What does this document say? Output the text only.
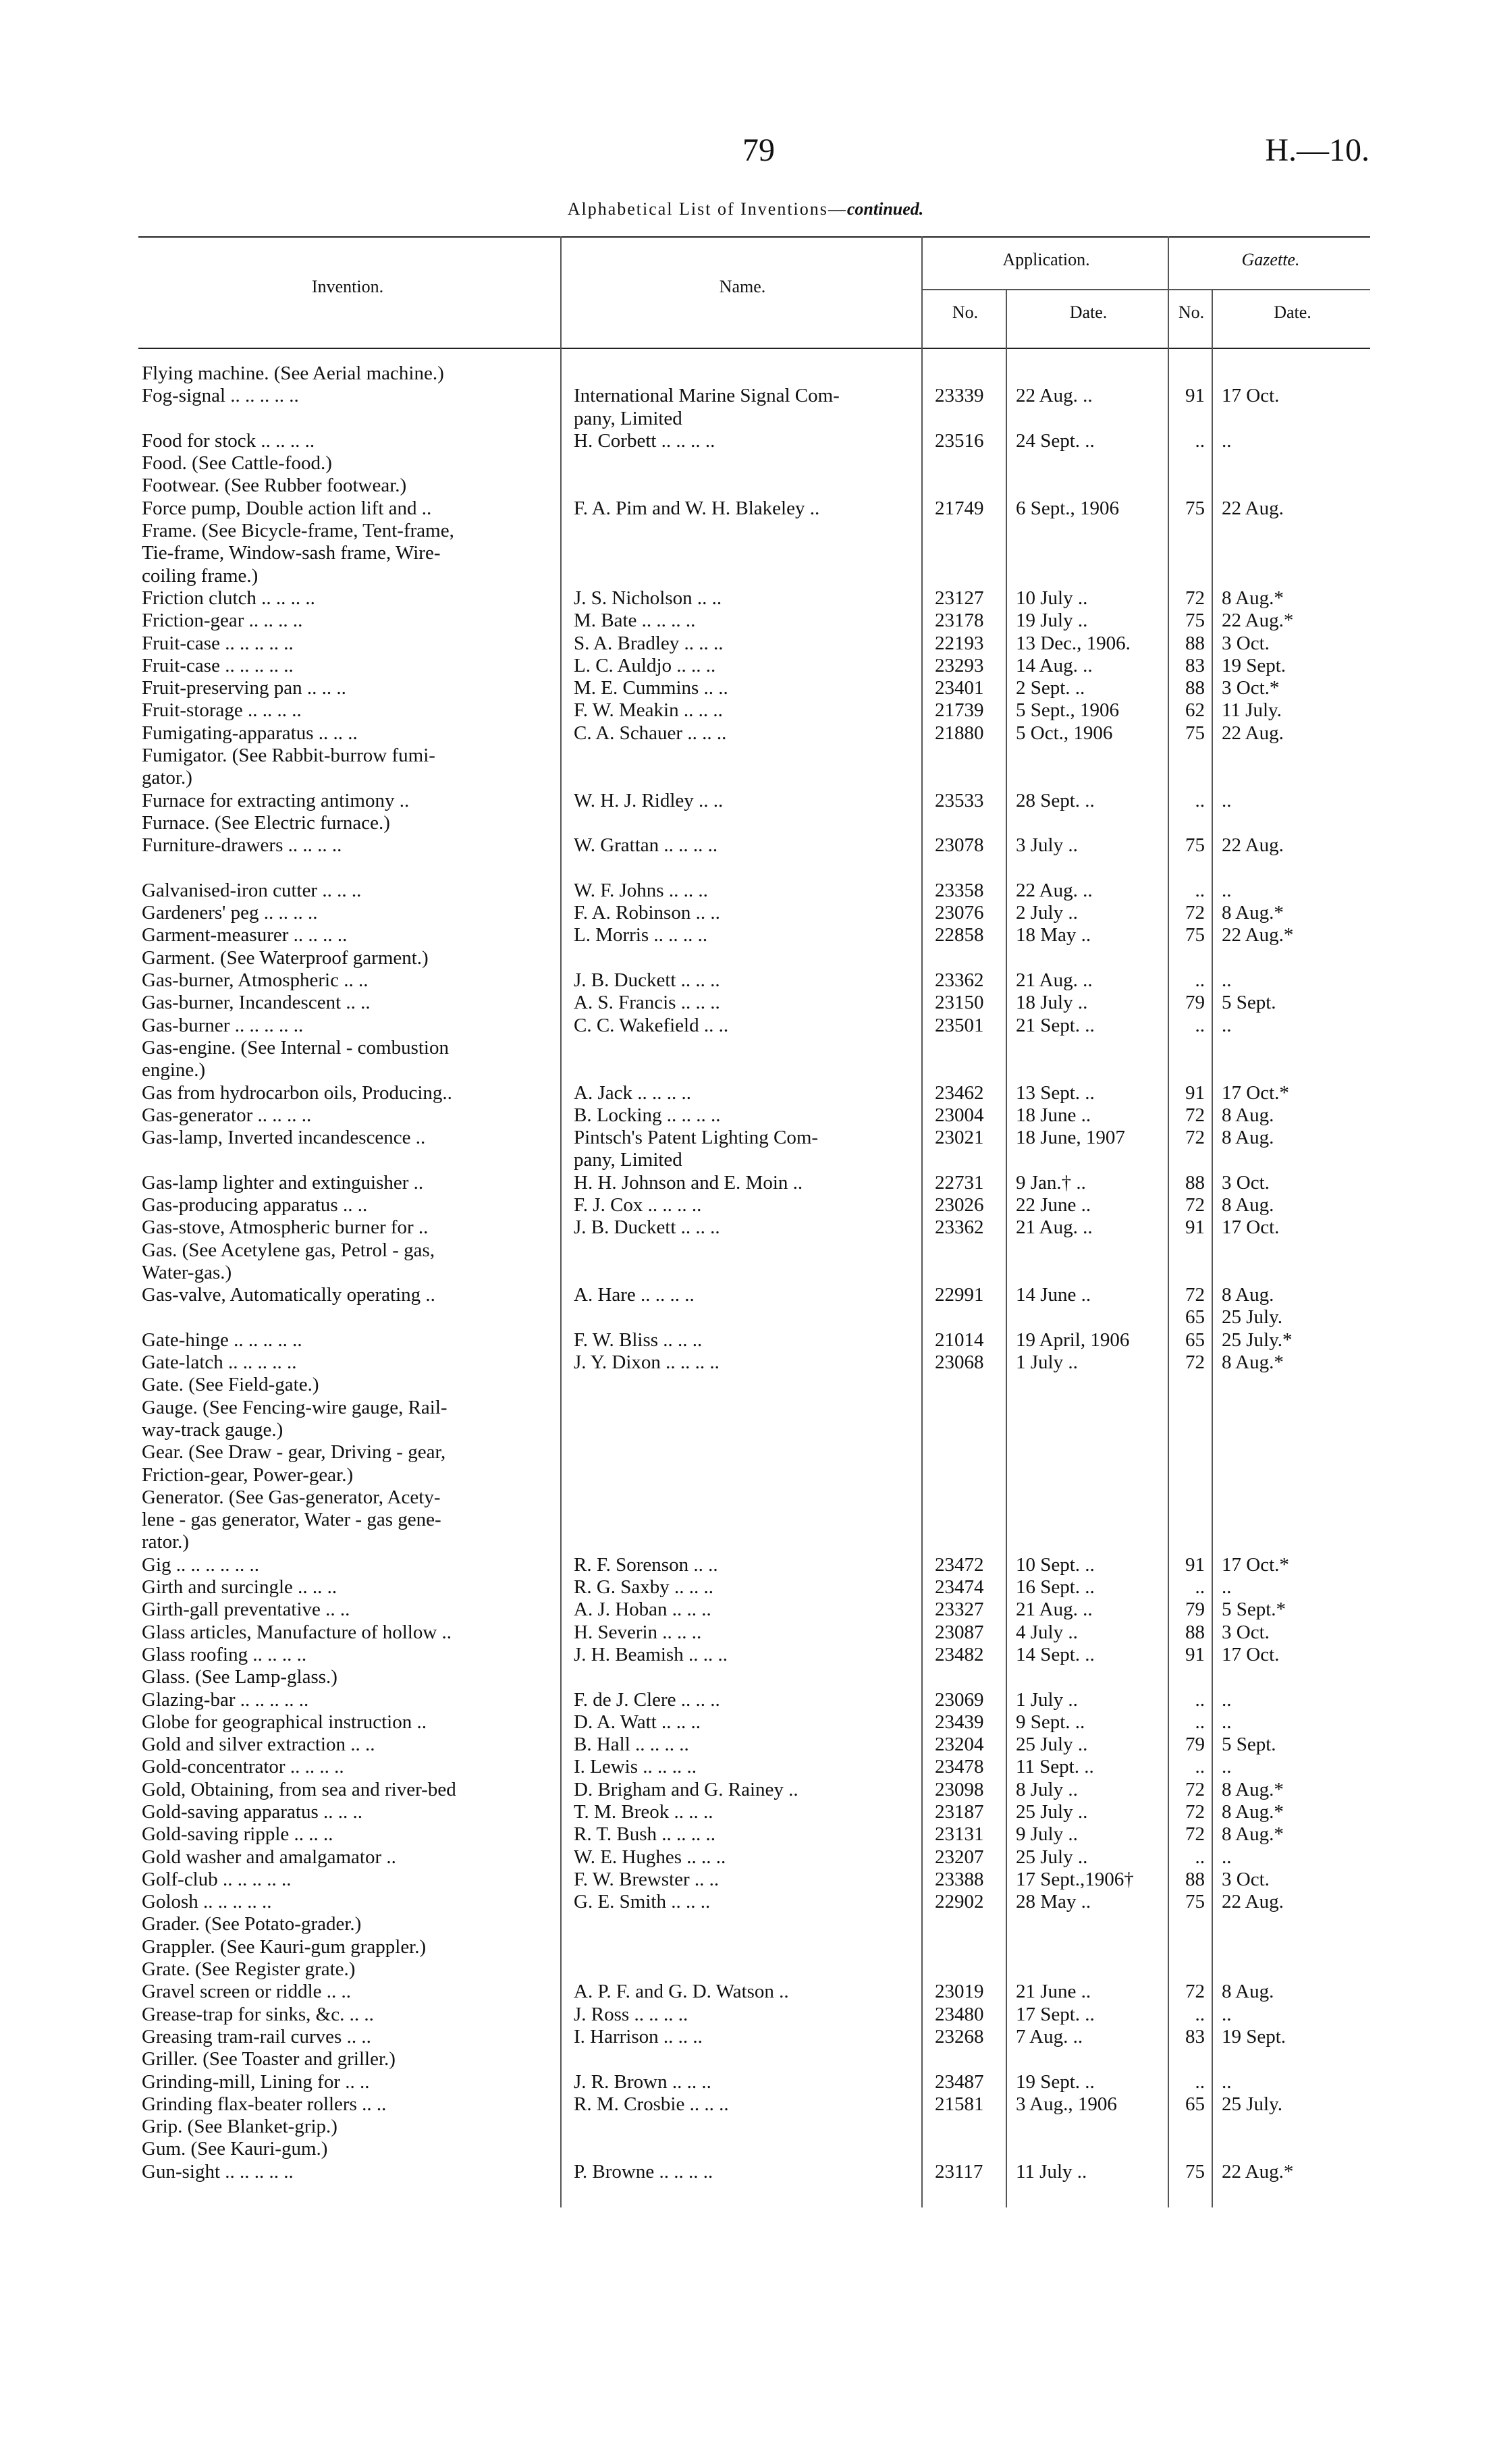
79	H.—10.
Alphabetical List of Inventions—continued.
Invention.	Name.
Application.	Gazette.
No.	Date.	No.	Date.
Flying machine. (See Aerial machine.)
Fog-signal .. .. .. .. ..	International Marine Signal Com-	23339 22 Aug. ..	91 17 Oct.
pany, Limited
Food for stock .. .. .. ..	H. Corbett .. .. .. ..	23516 24 Sept. ..	.. ..
Food. (See Cattle-food.)
Footwear. (See Rubber footwear.)
Force pump, Double action lift and ..	F. A. Pim and W. H. Blakeley ..	21749 6 Sept., 1906	75 22 Aug.
Frame. (See Bicycle-frame, Tent-frame,
Tie-frame, Window-sash frame, Wire-
coiling frame.)
Friction clutch .. .. .. ..	J. S. Nicholson .. ..	23127 10 July ..	72 8 Aug.*
Friction-gear .. .. .. ..	M. Bate .. .. .. ..	23178 19 July ..	75 22 Aug.*
Fruit-case .. .. .. .. ..	S. A. Bradley .. .. ..	22193 13 Dec., 1906.	88 3 Oct.
Fruit-case .. .. .. .. ..	L. C. Auldjo .. .. ..	23293 14 Aug. ..	83 19 Sept.
Fruit-preserving pan .. .. ..	M. E. Cummins .. ..	23401 2 Sept. ..	88 3 Oct.*
Fruit-storage .. .. .. ..	F. W. Meakin .. .. ..	21739 5 Sept., 1906	62 11 July.
Fumigating-apparatus .. .. ..	C. A. Schauer .. .. ..	21880 5 Oct., 1906	75 22 Aug.
Fumigator. (See Rabbit-burrow fumi-
gator.)
Furnace for extracting antimony ..	W. H. J. Ridley .. ..	23533 28 Sept. ..	.. ..
Furnace. (See Electric furnace.)
Furniture-drawers .. .. .. ..	W. Grattan .. .. .. ..	23078 3 July ..	75 22 Aug.
Galvanised-iron cutter .. .. ..	W. F. Johns .. .. ..	23358 22 Aug. ..	.. ..
Gardeners' peg .. .. .. ..	F. A. Robinson .. ..	23076 2 July ..	72 8 Aug.*
Garment-measurer .. .. .. ..	L. Morris .. .. .. ..	22858 18 May ..	75 22 Aug.*
Garment. (See Waterproof garment.)
Gas-burner, Atmospheric .. ..	J. B. Duckett .. .. ..	23362 21 Aug. ..	.. ..
Gas-burner, Incandescent .. ..	A. S. Francis .. .. ..	23150 18 July ..	79 5 Sept.
Gas-burner .. .. .. .. ..	C. C. Wakefield .. ..	23501 21 Sept. ..	.. ..
Gas-engine. (See Internal - combustion
engine.)
Gas from hydrocarbon oils, Producing..	A. Jack .. .. .. ..	23462 13 Sept. ..	91 17 Oct.*
Gas-generator .. .. .. ..	B. Locking .. .. .. ..	23004 18 June ..	72 8 Aug.
Gas-lamp, Inverted incandescence ..	Pintsch's Patent Lighting Com-	23021 18 June, 1907	72 8 Aug.
pany, Limited
Gas-lamp lighter and extinguisher ..	H. H. Johnson and E. Moin ..	22731 9 Jan.† ..	88 3 Oct.
Gas-producing apparatus .. ..	F. J. Cox .. .. .. ..	23026 22 June ..	72 8 Aug.
Gas-stove, Atmospheric burner for ..	J. B. Duckett .. .. ..	23362 21 Aug. ..	91 17 Oct.
Gas. (See Acetylene gas, Petrol - gas,
Water-gas.)
Gas-valve, Automatically operating ..	A. Hare .. .. .. ..	22991 14 June ..	72 8 Aug.
65 25 July.
Gate-hinge .. .. .. .. ..	F. W. Bliss .. .. ..	21014 19 April, 1906	65 25 July.*
Gate-latch .. .. .. .. ..	J. Y. Dixon .. .. .. ..	23068 1 July ..	72 8 Aug.*
Gate. (See Field-gate.)
Gauge. (See Fencing-wire gauge, Rail-
way-track gauge.)
Gear. (See Draw - gear, Driving - gear,
Friction-gear, Power-gear.)
Generator. (See Gas-generator, Acety-
lene - gas generator, Water - gas gene-
rator.)
Gig .. .. .. .. .. ..	R. F. Sorenson .. ..	23472 10 Sept. ..	91 17 Oct.*
Girth and surcingle .. .. ..	R. G. Saxby .. .. ..	23474 16 Sept. ..	.. ..
Girth-gall preventative .. ..	A. J. Hoban .. .. ..	23327 21 Aug. ..	79 5 Sept.*
Glass articles, Manufacture of hollow ..	H. Severin .. .. ..	23087 4 July ..	88 3 Oct.
Glass roofing .. .. .. ..	J. H. Beamish .. .. ..	23482 14 Sept. ..	91 17 Oct.
Glass. (See Lamp-glass.)
Glazing-bar .. .. .. .. ..	F. de J. Clere .. .. ..	23069 1 July ..	.. ..
Globe for geographical instruction ..	D. A. Watt .. .. ..	23439 9 Sept. ..	.. ..
Gold and silver extraction .. ..	B. Hall .. .. .. ..	23204 25 July ..	79 5 Sept.
Gold-concentrator .. .. .. ..	I. Lewis .. .. .. ..	23478 11 Sept. ..	.. ..
Gold, Obtaining, from sea and river-bed	D. Brigham and G. Rainey ..	23098 8 July ..	72 8 Aug.*
Gold-saving apparatus .. .. ..	T. M. Breok .. .. ..	23187 25 July ..	72 8 Aug.*
Gold-saving ripple .. .. ..	R. T. Bush .. .. .. ..	23131 9 July ..	72 8 Aug.*
Gold washer and amalgamator ..	W. E. Hughes .. .. ..	23207 25 July ..	.. ..
Golf-club .. .. .. .. ..	F. W. Brewster .. ..	23388 17 Sept.,1906†	88 3 Oct.
Golosh .. .. .. .. ..	G. E. Smith .. .. ..	22902 28 May ..	75 22 Aug.
Grader. (See Potato-grader.)
Grappler. (See Kauri-gum grappler.)
Grate. (See Register grate.)
Gravel screen or riddle .. ..	A. P. F. and G. D. Watson ..	23019 21 June ..	72 8 Aug.
Grease-trap for sinks, &c. .. ..	J. Ross .. .. .. ..	23480 17 Sept. ..	.. ..
Greasing tram-rail curves .. ..	I. Harrison .. .. ..	23268 7 Aug. ..	83 19 Sept.
Griller. (See Toaster and griller.)
Grinding-mill, Lining for .. ..	J. R. Brown .. .. ..	23487 19 Sept. ..	.. ..
Grinding flax-beater rollers .. ..	R. M. Crosbie .. .. ..	21581 3 Aug., 1906	65 25 July.
Grip. (See Blanket-grip.)
Gum. (See Kauri-gum.)
Gun-sight .. .. .. .. ..	P. Browne .. .. .. ..	23117 11 July ..	75 22 Aug.*
